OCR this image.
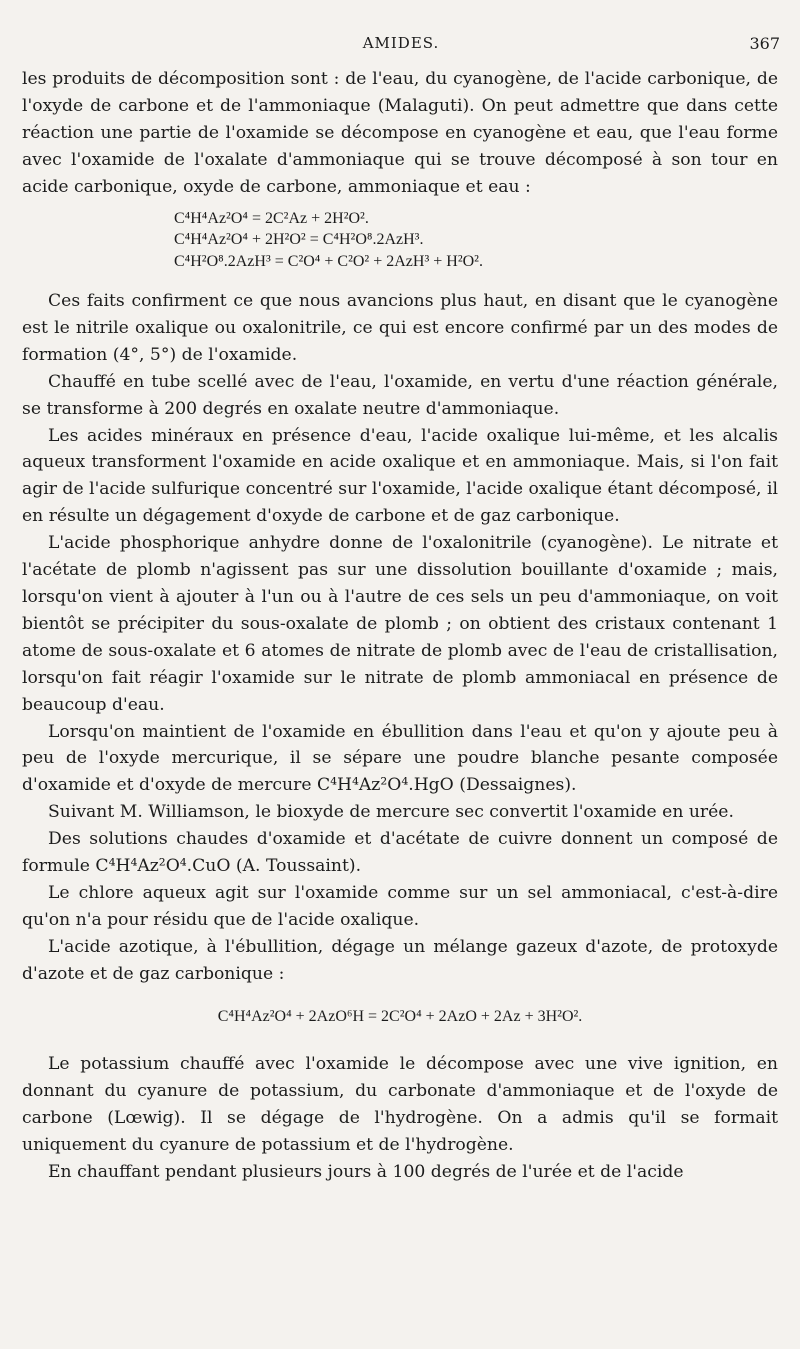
AMIDES.	367

les produits de décomposition sont : de l'eau, du cyanogène, de l'acide carbonique, de l'oxyde de carbone et de l'ammoniaque (Malaguti). On peut admettre que dans cette réaction une partie de l'oxamide se décompose en cyanogène et eau, que l'eau forme avec l'oxamide de l'oxalate d'ammoniaque qui se trouve décomposé à son tour en acide carbonique, oxyde de carbone, ammoniaque et eau :

C⁴H⁴Az²O⁴ = 2C²Az + 2H²O².
C⁴H⁴Az²O⁴ + 2H²O² = C⁴H²O⁸.2AzH³.
C⁴H²O⁸.2AzH³ = C²O⁴ + C²O² + 2AzH³ + H²O².

Ces faits confirment ce que nous avancions plus haut, en disant que le cyanogène est le nitrile oxalique ou oxalonitrile, ce qui est encore confirmé par un des modes de formation (4°, 5°) de l'oxamide.

Chauffé en tube scellé avec de l'eau, l'oxamide, en vertu d'une réaction générale, se transforme à 200 degrés en oxalate neutre d'ammoniaque.

Les acides minéraux en présence d'eau, l'acide oxalique lui-même, et les alcalis aqueux transforment l'oxamide en acide oxalique et en ammoniaque. Mais, si l'on fait agir de l'acide sulfurique concentré sur l'oxamide, l'acide oxalique étant décomposé, il en résulte un dégagement d'oxyde de carbone et de gaz carbonique.

L'acide phosphorique anhydre donne de l'oxalonitrile (cyanogène). Le nitrate et l'acétate de plomb n'agissent pas sur une dissolution bouillante d'oxamide ; mais, lorsqu'on vient à ajouter à l'un ou à l'autre de ces sels un peu d'ammoniaque, on voit bientôt se précipiter du sous-oxalate de plomb ; on obtient des cristaux contenant 1 atome de sous-oxalate et 6 atomes de nitrate de plomb avec de l'eau de cristallisation, lorsqu'on fait réagir l'oxamide sur le nitrate de plomb ammoniacal en présence de beaucoup d'eau.

Lorsqu'on maintient de l'oxamide en ébullition dans l'eau et qu'on y ajoute peu à peu de l'oxyde mercurique, il se sépare une poudre blanche pesante composée d'oxamide et d'oxyde de mercure C⁴H⁴Az²O⁴.HgO (Dessaignes).

Suivant M. Williamson, le bioxyde de mercure sec convertit l'oxamide en urée.

Des solutions chaudes d'oxamide et d'acétate de cuivre donnent un composé de formule C⁴H⁴Az²O⁴.CuO (A. Toussaint).

Le chlore aqueux agit sur l'oxamide comme sur un sel ammoniacal, c'est-à-dire qu'on n'a pour résidu que de l'acide oxalique.

L'acide azotique, à l'ébullition, dégage un mélange gazeux d'azote, de protoxyde d'azote et de gaz carbonique :

C⁴H⁴Az²O⁴ + 2AzO⁶H = 2C²O⁴ + 2AzO + 2Az + 3H²O².

Le potassium chauffé avec l'oxamide le décompose avec une vive ignition, en donnant du cyanure de potassium, du carbonate d'ammoniaque et de l'oxyde de carbone (Lœwig). Il se dégage de l'hydrogène. On a admis qu'il se formait uniquement du cyanure de potassium et de l'hydrogène.

En chauffant pendant plusieurs jours à 100 degrés de l'urée et de l'acide
